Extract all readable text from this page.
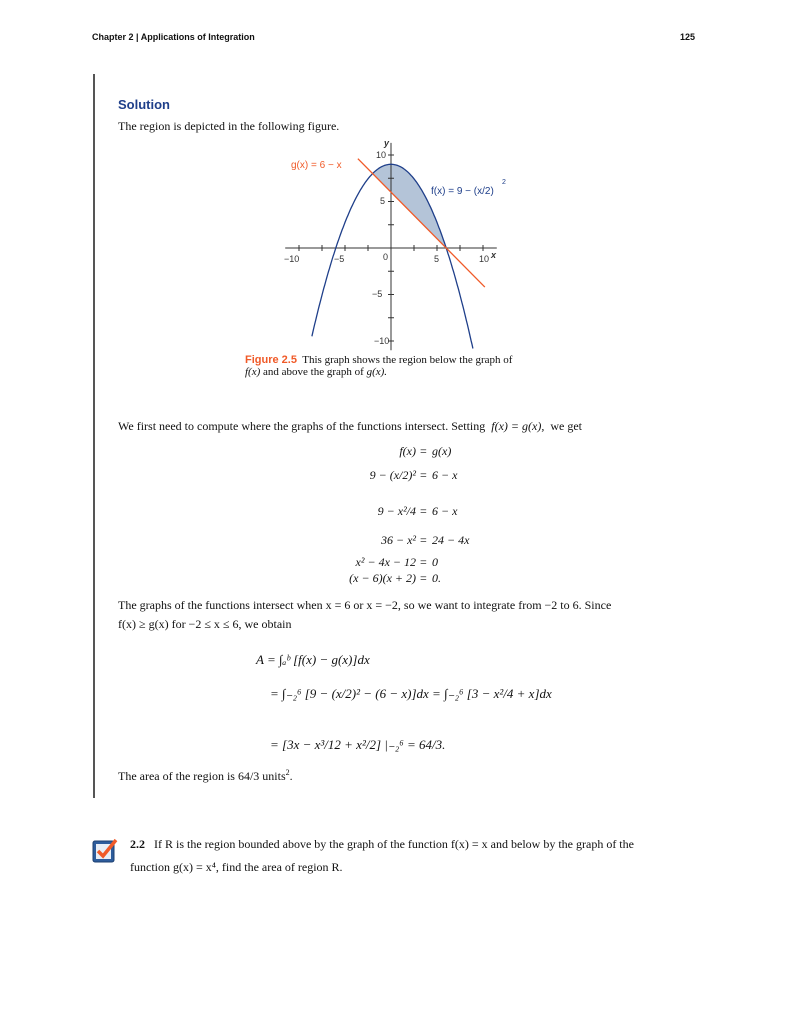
Chapter 2 | Applications of Integration	125
Solution
The region is depicted in the following figure.
−10	−5	0	5	10
10
5
−5
−10
x
y
g(x) = 6 − x
f(x) = 9 − (x/2)
2
Figure 2.5 This graph shows the region below the graph of
f(x) and above the graph of g(x).
We first need to compute where the graphs of the functions intersect. Setting f(x) = g(x), we get
f(x) = g(x)
9 − (x/2)² = 6 − x
9 − x²/4 = 6 − x
36 − x² = 24 − 4x
x² − 4x − 12 = 0
(x − 6)(x + 2) = 0.
The graphs of the functions intersect when x = 6 or x = −2, so we want to integrate from −2 to 6. Since
f(x) ≥ g(x) for −2 ≤ x ≤ 6, we obtain
A = ∫ₐᵇ [f(x) − g(x)]dx
= ∫₋₂⁶ [9 − (x/2)² − (6 − x)]dx = ∫₋₂⁶ [3 − x²/4 + x]dx
= [3x − x³/12 + x²/2] |₋₂⁶ = 64/3.
The area of the region is 64/3 units$^2$.
2.2 If R is the region bounded above by the graph of the function f(x) = x and below by the graph of the
function g(x) = x⁴, find the area of region R.
